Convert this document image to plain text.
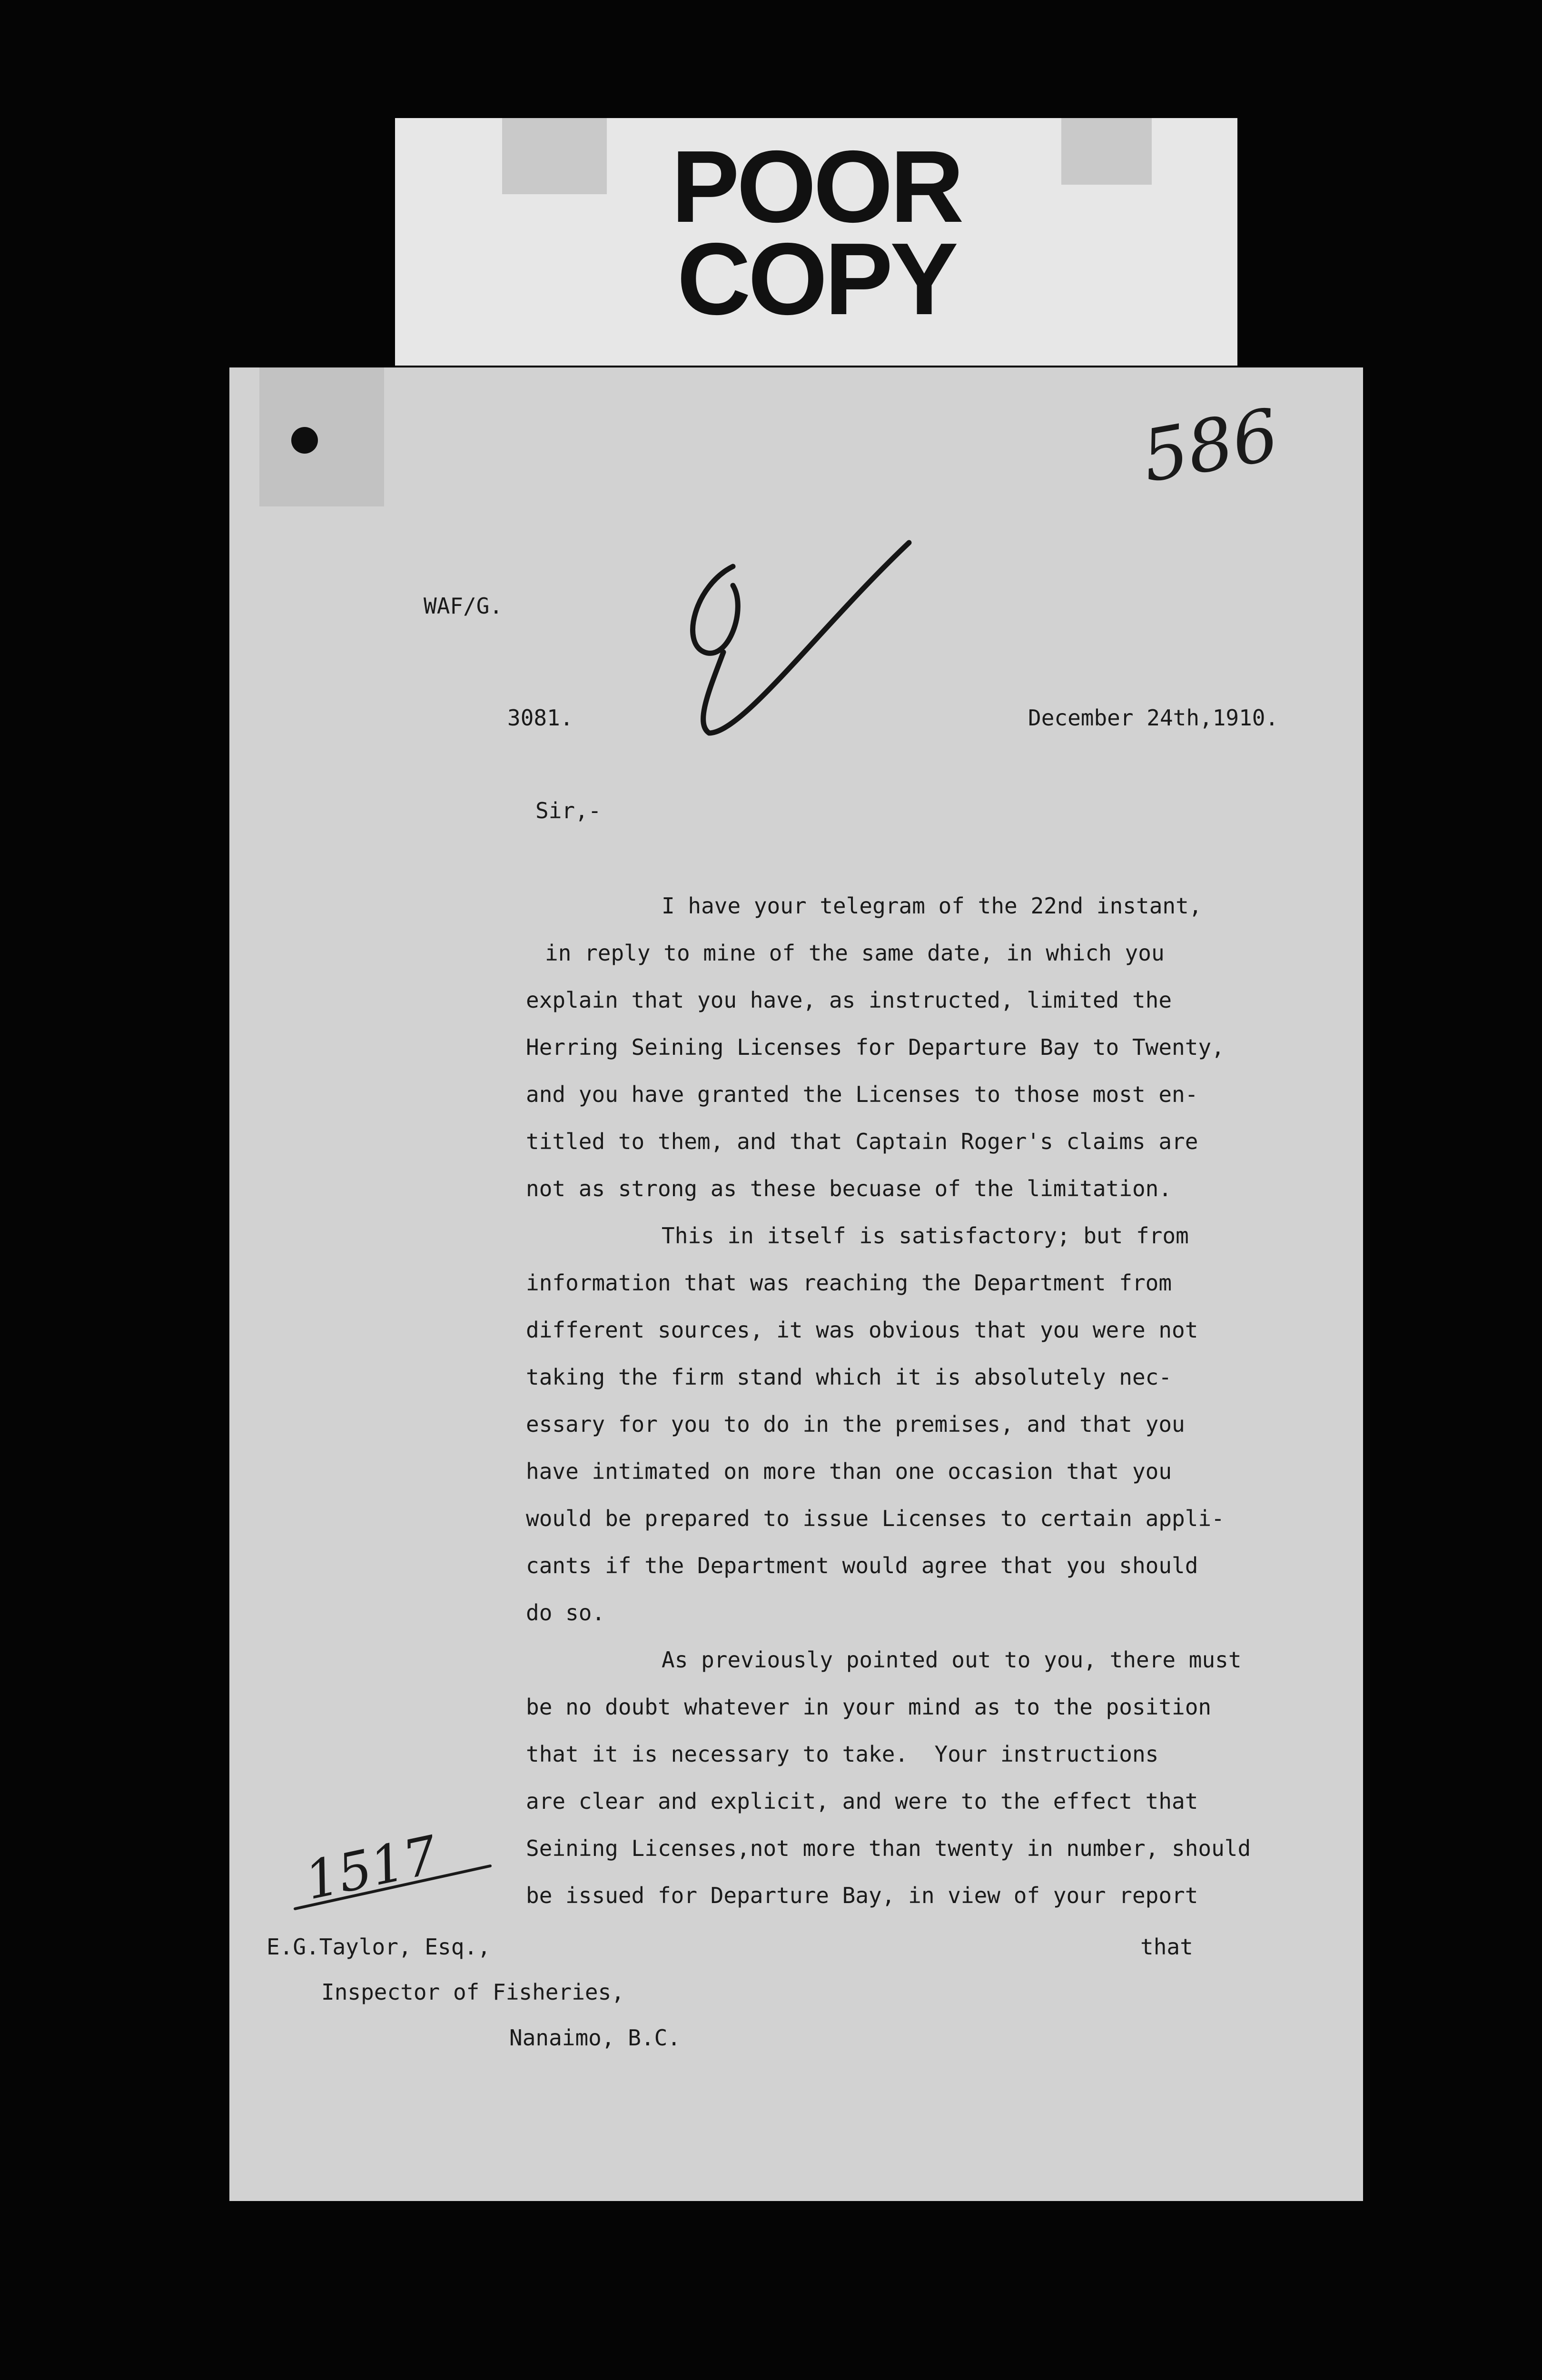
POOR
COPY
586
WAF/G.
3081.	December 24th,1910.
Sir,-
I have your telegram of the 22nd instant,
in reply to mine of the same date, in which you
explain that you have, as instructed, limited the
Herring Seining Licenses for Departure Bay to Twenty,
and you have granted the Licenses to those most en-
titled to them, and that Captain Roger's claims are
not as strong as these becuase of the limitation.
This in itself is satisfactory; but from
information that was reaching the Department from
different sources, it was obvious that you were not
taking the firm stand which it is absolutely nec-
essary for you to do in the premises, and that you
have intimated on more than one occasion that you
would be prepared to issue Licenses to certain appli-
cants if the Department would agree that you should
do so.
As previously pointed out to you, there must
be no doubt whatever in your mind as to the position
that it is necessary to take.  Your instructions
are clear and explicit, and were to the effect that
Seining Licenses,not more than twenty in number, should
be issued for Departure Bay, in view of your report
that
1517
E.G.Taylor, Esq.,
Inspector of Fisheries,
Nanaimo, B.C.
